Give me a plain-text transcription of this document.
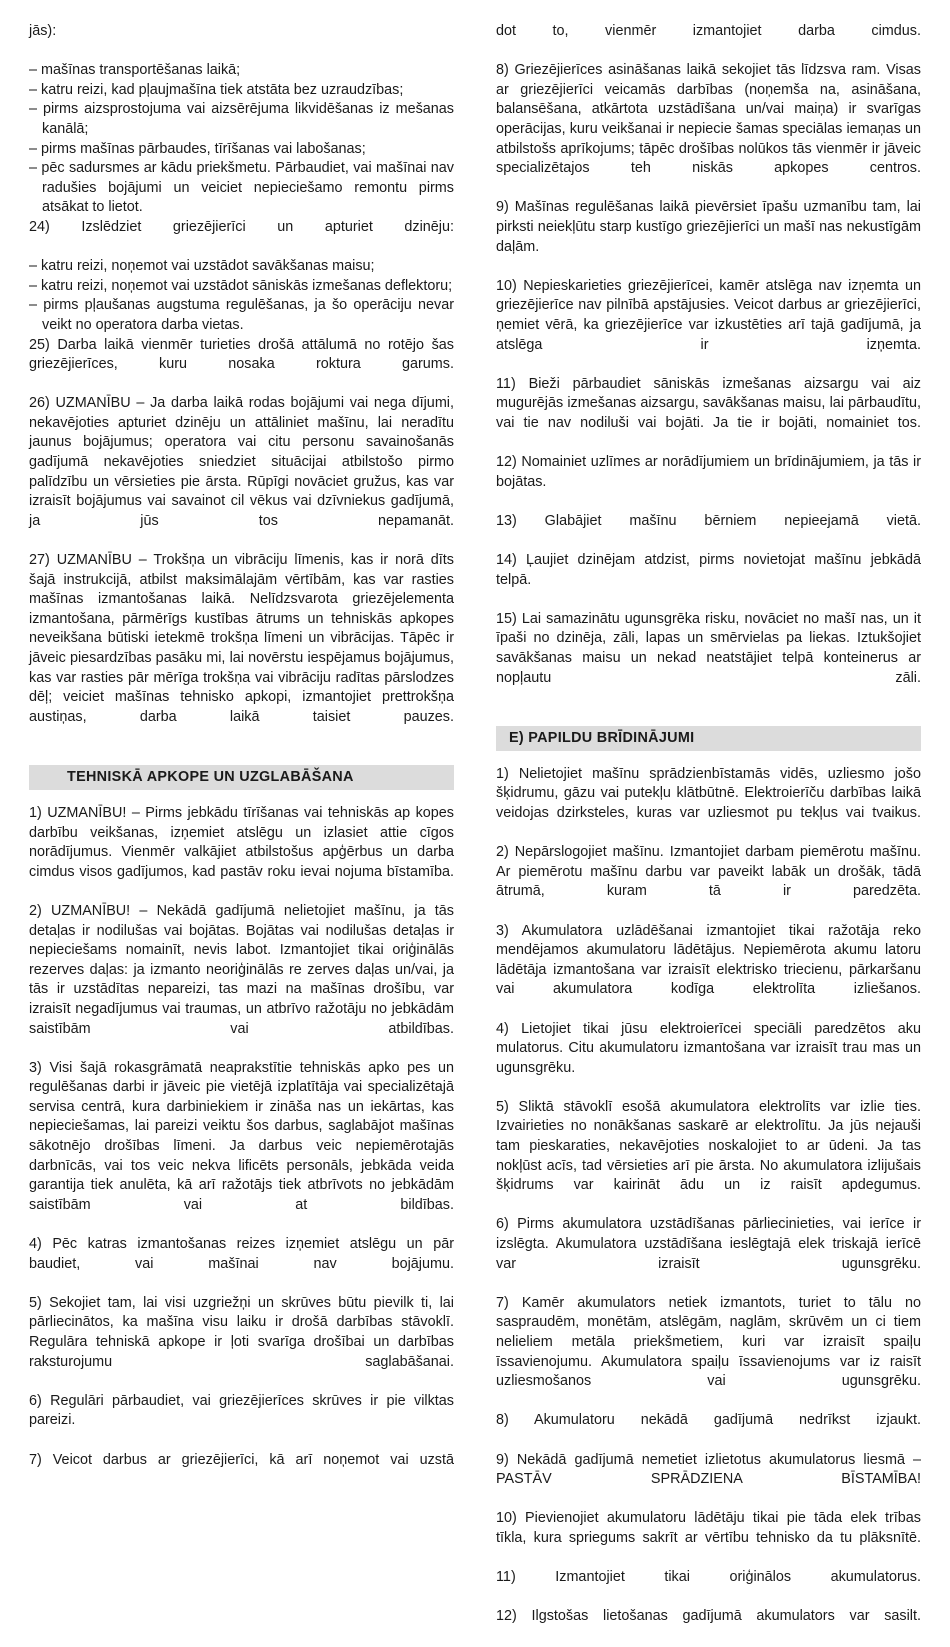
jās):

– mašīnas transportēšanas laikā;

– katru reizi, kad pļaujmašīna tiek atstāta bez uzraudzības;

– pirms aizsprostojuma vai aizsērējuma likvidēšanas iz mešanas kanālā;

– pirms mašīnas pārbaudes, tīrīšanas vai labošanas;

– pēc sadursmes ar kādu priekšmetu. Pārbaudiet, vai mašīnai nav radušies bojājumi un veiciet nepieciešamo remontu pirms atsākat to lietot.

24) Izslēdziet griezējierīci un apturiet dzinēju:

– katru reizi, noņemot vai uzstādot savākšanas maisu;

– katru reizi, noņemot vai uzstādot sāniskās izmešanas deflektoru;

– pirms pļaušanas augstuma regulēšanas, ja šo operāciju nevar veikt no operatora darba vietas.

25) Darba laikā vienmēr turieties drošā attālumā no rotējo šas griezējierīces, kuru nosaka roktura garums.

26) UZMANĪBU – Ja darba laikā rodas bojājumi vai nega dījumi, nekavējoties apturiet dzinēju un attāliniet mašīnu, lai neradītu jaunus bojājumus; operatora vai citu personu savainošanās gadījumā nekavējoties sniedziet situācijai atbilstošo pirmo palīdzību un vērsieties pie ārsta. Rūpīgi novāciet gružus, kas var izraisīt bojājumus vai savainot cil vēkus vai dzīvniekus gadījumā, ja jūs tos nepamanāt.

27) UZMANĪBU – Trokšņa un vibrāciju līmenis, kas ir norā dīts šajā instrukcijā, atbilst maksimālajām vērtībām, kas var rasties mašīnas izmantošanas laikā. Nelīdzsvarota griezējelementa izmantošana, pārmērīgs kustības ātrums un tehniskās apkopes neveikšana būtiski ietekmē trokšņa līmeni un vibrācijas. Tāpēc ir jāveic piesardzības pasāku mi, lai novērstu iespējamus bojājumus, kas var rasties pār mērīga trokšņa vai vibrāciju radītas pārslodzes dēļ; veiciet mašīnas tehnisko apkopi, izmantojiet prettrokšņa austiņas, darba laikā taisiet pauzes.

TEHNISKĀ APKOPE UN UZGLABĀŠANA

1) UZMANĪBU! – Pirms jebkādu tīrīšanas vai tehniskās ap kopes darbību veikšanas, izņemiet atslēgu un izlasiet attie cīgos norādījumus. Vienmēr valkājiet atbilstošus apģērbus un darba cimdus visos gadījumos, kad pastāv roku ievai nojuma bīstamība.

2) UZMANĪBU! – Nekādā gadījumā nelietojiet mašīnu, ja tās detaļas ir nodilušas vai bojātas. Bojātas vai nodilušas detaļas ir nepieciešams nomainīt, nevis labot. Izmantojiet tikai oriģinālās rezerves daļas: ja izmanto neoriģinālās re zerves daļas un/vai, ja tās ir uzstādītas nepareizi, tas mazi na mašīnas drošību, var izraisīt negadījumus vai traumas, un atbrīvo ražotāju no jebkādām saistībām vai atbildības.

3) Visi šajā rokasgrāmatā neaprakstītie tehniskās apko pes un regulēšanas darbi ir jāveic pie vietējā izplatītāja vai specializētajā servisa centrā, kura darbiniekiem ir zināša nas un iekārtas, kas nepieciešamas, lai pareizi veiktu šos darbus, saglabājot mašīnas sākotnējo drošības līmeni. Ja darbus veic nepiemērotajās darbnīcās, vai tos veic nekva lificēts personāls, jebkāda veida garantija tiek anulēta, kā arī ražotājs tiek atbrīvots no jebkādām saistībām vai at bildības.

4) Pēc katras izmantošanas reizes izņemiet atslēgu un pār baudiet, vai mašīnai nav bojājumu.

5) Sekojiet tam, lai visi uzgriežņi un skrūves būtu pievilk ti, lai pārliecinātos, ka mašīna visu laiku ir drošā darbības stāvoklī. Regulāra tehniskā apkope ir ļoti svarīga drošībai un darbības raksturojumu saglabāšanai.

6) Regulāri pārbaudiet, vai griezējierīces skrūves ir pie vilktas pareizi.

7) Veicot darbus ar griezējierīci, kā arī noņemot vai uzstā

dot to, vienmēr izmantojiet darba cimdus.

8) Griezējierīces asināšanas laikā sekojiet tās līdzsva ram. Visas ar griezējierīci veicamās darbības (noņemša na, asināšana, balansēšana, atkārtota uzstādīšana un/vai maiņa) ir svarīgas operācijas, kuru veikšanai ir nepiecie šamas speciālas iemaņas un atbilstošs aprīkojums; tāpēc drošības nolūkos tās vienmēr ir jāveic specializētajos teh niskās apkopes centros.

9) Mašīnas regulēšanas laikā pievērsiet īpašu uzmanību tam, lai pirksti neiekļūtu starp kustīgo griezējierīci un mašī nas nekustīgām daļām.

10) Nepieskarieties griezējierīcei, kamēr atslēga nav izņemta un griezējierīce nav pilnībā apstājusies. Veicot darbus ar griezējierīci, ņemiet vērā, ka griezējierīce var izkustēties arī tajā gadījumā, ja atslēga ir izņemta.

11) Bieži pārbaudiet sāniskās izmešanas aizsargu vai aiz mugurējās izmešanas aizsargu, savākšanas maisu, lai pārbaudītu, vai tie nav nodiluši vai bojāti. Ja tie ir bojāti, nomainiet tos.

12) Nomainiet uzlīmes ar norādījumiem un brīdinājumiem, ja tās ir bojātas.

13) Glabājiet mašīnu bērniem nepieejamā vietā.

14) Ļaujiet dzinējam atdzist, pirms novietojat mašīnu jebkādā telpā.

15) Lai samazinātu ugunsgrēka risku, novāciet no mašī nas, un it īpaši no dzinēja, zāli, lapas un smērvielas pa liekas. Iztukšojiet savākšanas maisu un nekad neatstājiet telpā konteinerus ar nopļautu zāli.

E) PAPILDU BRĪDINĀJUMI

1) Nelietojiet mašīnu sprādzienbīstamās vidēs, uzliesmo jošo šķidrumu, gāzu vai putekļu klātbūtnē. Elektroierīču darbības laikā veidojas dzirksteles, kuras var uzliesmot pu tekļus vai tvaikus.

2) Nepārslogojiet mašīnu. Izmantojiet darbam piemērotu mašīnu. Ar piemērotu mašīnu darbu var paveikt labāk un drošāk, tādā ātrumā, kuram tā ir paredzēta.

3) Akumulatora uzlādēšanai izmantojiet tikai ražotāja reko mendējamos akumulatoru lādētājus. Nepiemērota akumu latoru lādētāja izmantošana var izraisīt elektrisko triecienu, pārkaršanu vai akumulatora kodīga elektrolīta izliešanos.

4) Lietojiet tikai jūsu elektroierīcei speciāli paredzētos aku mulatorus. Citu akumulatoru izmantošana var izraisīt trau mas un ugunsgrēku.

5) Sliktā stāvoklī esošā akumulatora elektrolīts var izlie ties. Izvairieties no nonākšanas saskarē ar elektrolītu. Ja jūs nejauši tam pieskaraties, nekavējoties noskalojiet to ar ūdeni. Ja tas nokļūst acīs, tad vērsieties arī pie ārsta. No akumulatora izlijušais šķidrums var kairināt ādu un iz raisīt apdegumus.

6) Pirms akumulatora uzstādīšanas pārliecinieties, vai ierīce ir izslēgta. Akumulatora uzstādīšana ieslēgtajā elek triskajā ierīcē var izraisīt ugunsgrēku.

7) Kamēr akumulators netiek izmantots, turiet to tālu no saspraudēm, monētām, atslēgām, naglām, skrūvēm un ci tiem nelieliem metāla priekšmetiem, kuri var izraisīt spaiļu īssavienojumu. Akumulatora spaiļu īssavienojums var iz raisīt uzliesmošanos vai ugunsgrēku.

8) Akumulatoru nekādā gadījumā nedrīkst izjaukt.

9) Nekādā gadījumā nemetiet izlietotus akumulatorus liesmā – PASTĀV SPRĀDZIENA BĪSTAMĪBA!

10) Pievienojiet akumulatoru lādētāju tikai pie tāda elek trības tīkla, kura spriegums sakrīt ar vērtību tehnisko da tu plāksnītē.

11) Izmantojiet tikai oriģinālos akumulatorus.

12) Ilgstošas lietošanas gadījumā akumulators var sasilt.
